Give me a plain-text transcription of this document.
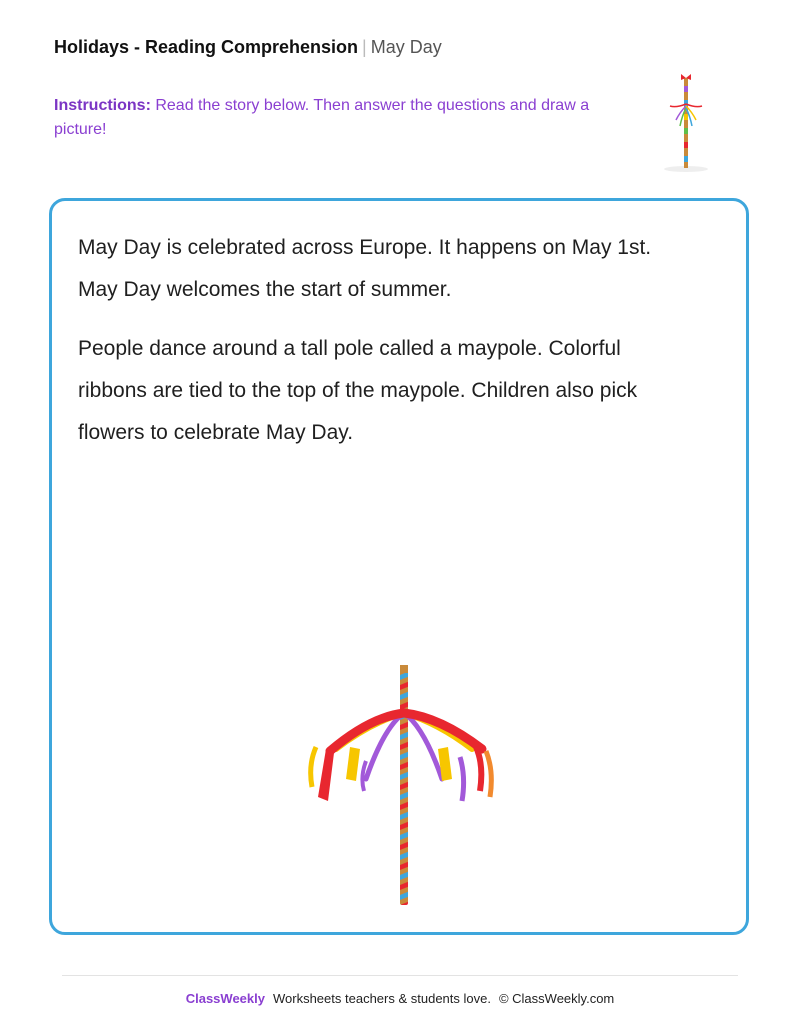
Holidays - Reading Comprehension | May Day
Instructions: Read the story below. Then answer the questions and draw a picture!

May Day is celebrated across Europe. It happens on May 1st. May Day welcomes the start of summer.

People dance around a tall pole called a maypole. Colorful ribbons are tied to the top of the maypole. Children also pick flowers to celebrate May Day.

ClassWeekly Worksheets teachers & students love. © ClassWeekly.com
